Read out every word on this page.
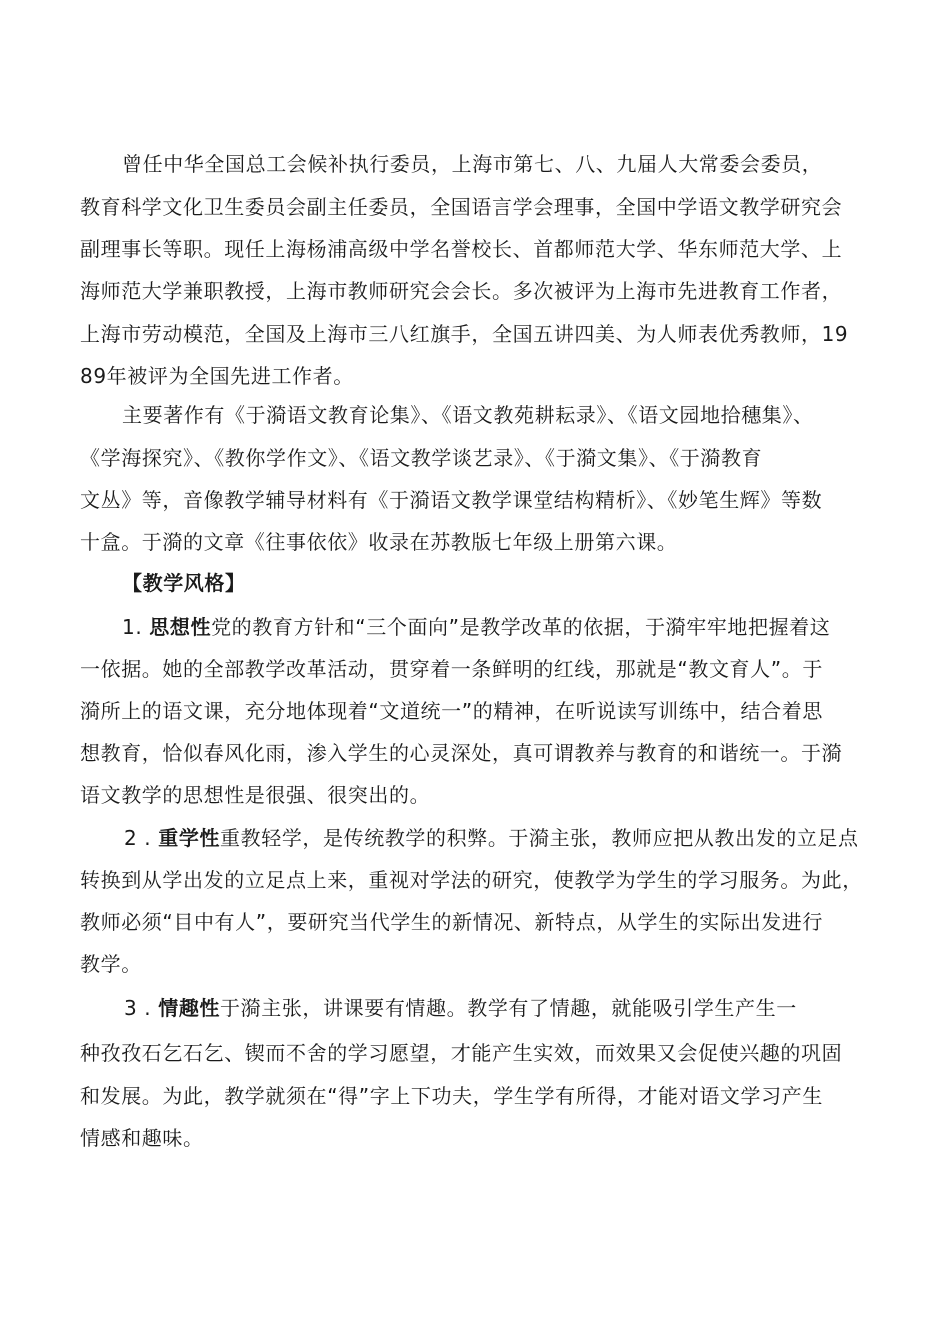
曾任中华全国总工会候补执行委员，上海市第七、八、九届人大常委会委员，
教育科学文化卫生委员会副主任委员，全国语言学会理事，全国中学语文教学研究会
副理事长等职。现任上海杨浦高级中学名誉校长、首都师范大学、华东师范大学、上
海师范大学兼职教授，上海市教师研究会会长。多次被评为上海市先进教育工作者，
上海市劳动模范，全国及上海市三八红旗手，全国五讲四美、为人师表优秀教师，19
89年被评为全国先进工作者。
主要著作有《于漪语文教育论集》、《语文教苑耕耘录》、《语文园地拾穗集》、
《学海探究》、《教你学作文》、《语文教学谈艺录》、《于漪文集》、《于漪教育
文丛》等，音像教学辅导材料有《于漪语文教学课堂结构精析》、《妙笔生辉》等数
十盒。于漪的文章《往事依依》收录在苏教版七年级上册第六课。
【教学风格】
1. 思想性党的教育方针和“三个面向”是教学改革的依据，于漪牢牢地把握着这
一依据。她的全部教学改革活动，贯穿着一条鲜明的红线，那就是“教文育人”。于
漪所上的语文课，充分地体现着“文道统一”的精神，在听说读写训练中，结合着思
想教育，恰似春风化雨，渗入学生的心灵深处，真可谓教养与教育的和谐统一。于漪
语文教学的思想性是很强、很突出的。
2 . 重学性重教轻学，是传统教学的积弊。于漪主张，教师应把从教出发的立足点
转换到从学出发的立足点上来，重视对学法的研究，使教学为学生的学习服务。为此，
教师必须“目中有人”，要研究当代学生的新情况、新特点，从学生的实际出发进行
教学。
3 . 情趣性于漪主张，讲课要有情趣。教学有了情趣，就能吸引学生产生一
种孜孜石乞石乞、锲而不舍的学习愿望，才能产生实效，而效果又会促使兴趣的巩固
和发展。为此，教学就须在“得”字上下功夫，学生学有所得，才能对语文学习产生
情感和趣味。
